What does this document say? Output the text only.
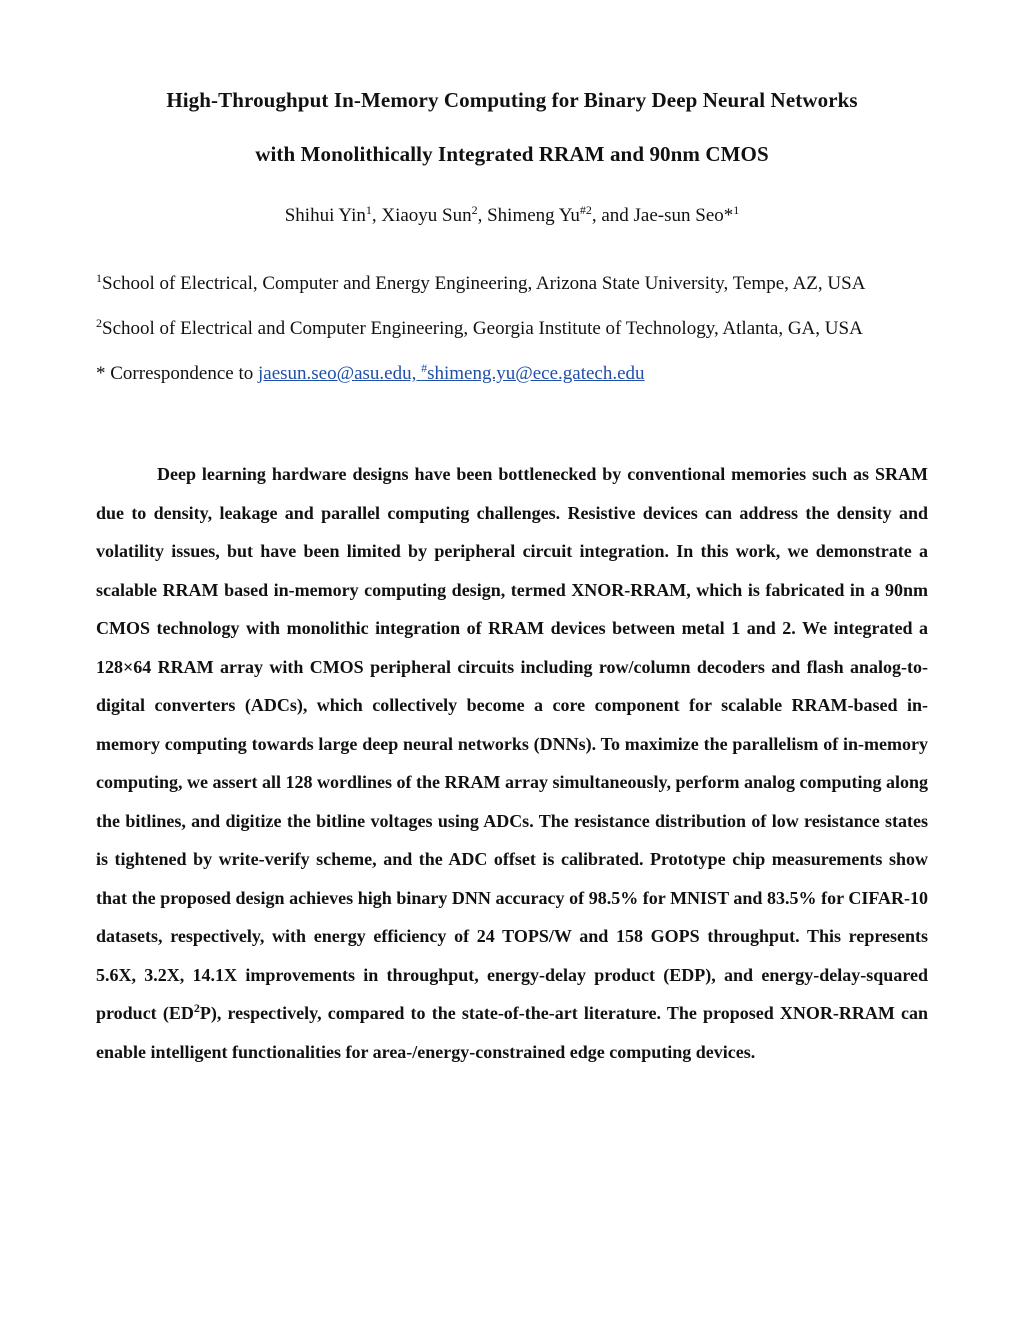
High-Throughput In-Memory Computing for Binary Deep Neural Networks
with Monolithically Integrated RRAM and 90nm CMOS
Shihui Yin$^1$, Xiaoyu Sun$^2$, Shimeng Yu$^{\#2}$, and Jae-sun Seo*$^1$
$^1$School of Electrical, Computer and Energy Engineering, Arizona State University, Tempe, AZ, USA
$^2$School of Electrical and Computer Engineering, Georgia Institute of Technology, Atlanta, GA, USA
* Correspondence to jaesun.seo@asu.edu, #shimeng.yu@ece.gatech.edu

Deep learning hardware designs have been bottlenecked by conventional memories such as SRAM due to density, leakage and parallel computing challenges. Resistive devices can address the density and volatility issues, but have been limited by peripheral circuit integration. In this work, we demonstrate a scalable RRAM based in-memory computing design, termed XNOR-RRAM, which is fabricated in a 90nm CMOS technology with monolithic integration of RRAM devices between metal 1 and 2. We integrated a 128×64 RRAM array with CMOS peripheral circuits including row/column decoders and flash analog-to-digital converters (ADCs), which collectively become a core component for scalable RRAM-based in-memory computing towards large deep neural networks (DNNs). To maximize the parallelism of in-memory computing, we assert all 128 wordlines of the RRAM array simultaneously, perform analog computing along the bitlines, and digitize the bitline voltages using ADCs. The resistance distribution of low resistance states is tightened by write-verify scheme, and the ADC offset is calibrated. Prototype chip measurements show that the proposed design achieves high binary DNN accuracy of 98.5% for MNIST and 83.5% for CIFAR-10 datasets, respectively, with energy efficiency of 24 TOPS/W and 158 GOPS throughput. This represents 5.6X, 3.2X, 14.1X improvements in throughput, energy-delay product (EDP), and energy-delay-squared product $(ED^2P)$, respectively, compared to the state-of-the-art literature. The proposed XNOR-RRAM can enable intelligent functionalities for area-/energy-constrained edge computing devices.
